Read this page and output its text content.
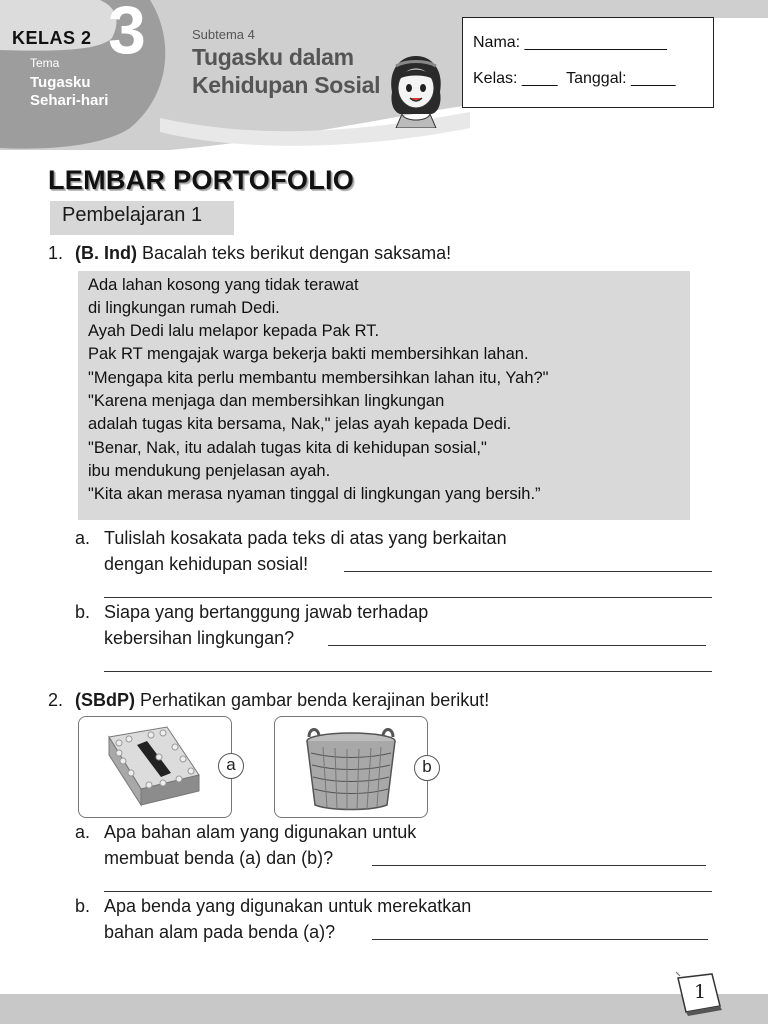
KELAS 2 3
Tema
Tugasku
Sehari-hari
Subtema 4
Tugasku dalam
Kehidupan Sosial
Nama: ________________
Kelas: ____  Tanggal: _____
LEMBAR PORTOFOLIO
Pembelajaran 1
1. (B. Ind) Bacalah teks berikut dengan saksama!
Ada lahan kosong yang tidak terawat
di lingkungan rumah Dedi.
Ayah Dedi lalu melapor kepada Pak RT.
Pak RT mengajak warga bekerja bakti membersihkan lahan.
"Mengapa kita perlu membantu membersihkan lahan itu, Yah?"
"Karena menjaga dan membersihkan lingkungan
adalah tugas kita bersama, Nak," jelas ayah kepada Dedi.
"Benar, Nak, itu adalah tugas kita di kehidupan sosial,"
ibu mendukung penjelasan ayah.
"Kita akan merasa nyaman tinggal di lingkungan yang bersih.”
a. Tulislah kosakata pada teks di atas yang berkaitan
dengan kehidupan sosial!
b. Siapa yang bertanggung jawab terhadap
kebersihan lingkungan?
2. (SBdP) Perhatikan gambar benda kerajinan berikut!
a	b
a. Apa bahan alam yang digunakan untuk
membuat benda (a) dan (b)?
b. Apa benda yang digunakan untuk merekatkan
bahan alam pada benda (a)?
1
